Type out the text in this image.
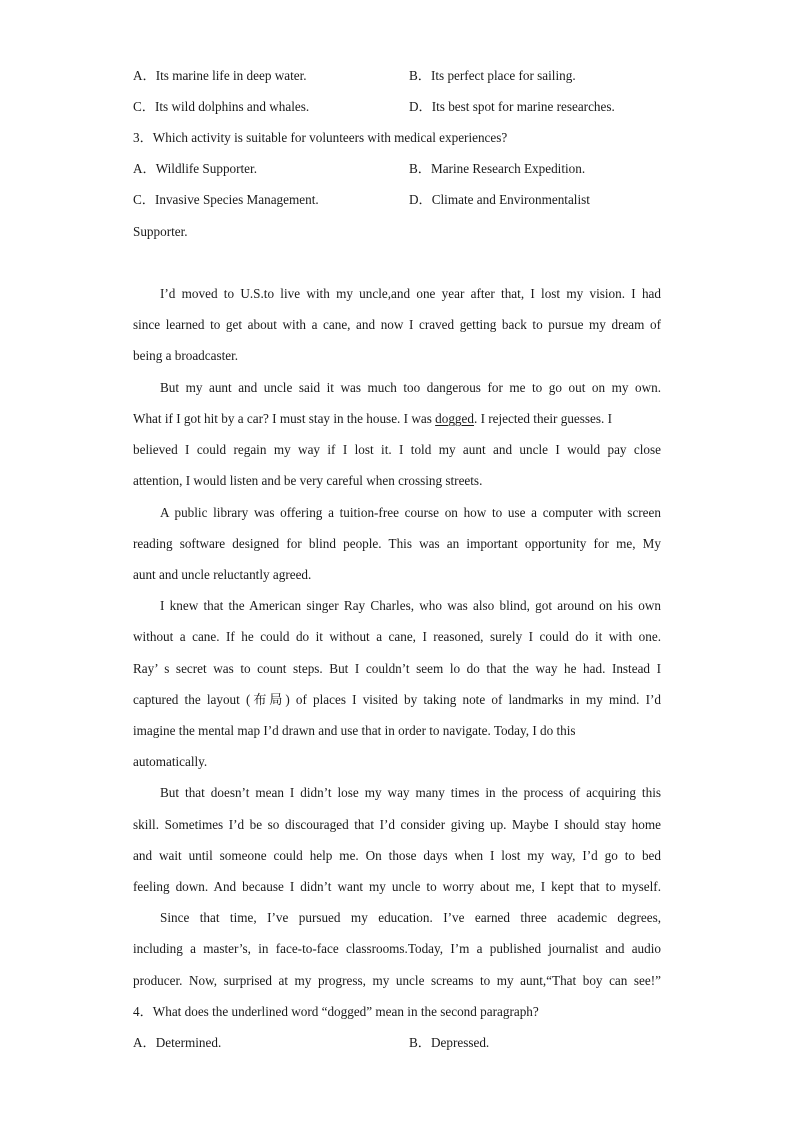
A．Its marine life in deep water.	B．Its perfect place for sailing.
C．Its wild dolphins and whales.	D．Its best spot for marine researches.
3．Which activity is suitable for volunteers with medical experiences?
A．Wildlife Supporter.	B．Marine Research Expedition.
C．Invasive Species Management.	D．Climate and Environmentalist
Supporter.
I’d moved to U.S.to live with my uncle,and one year after that, I lost my vision. I had
since learned to get about with a cane, and now I craved getting back to pursue my dream of
being a broadcaster.
But my aunt and uncle said it was much too dangerous for me to go out on my own.
What if I got hit by a car? I must stay in the house. I was dogged. I rejected their guesses. I
believed I could regain my way if I lost it. I told my aunt and uncle I would pay close
attention, I would listen and be very careful when crossing streets.
A public library was offering a tuition-free course on how to use a computer with screen
reading software designed for blind people. This was an important opportunity for me, My
aunt and uncle reluctantly agreed.
I knew that the American singer Ray Charles, who was also blind, got around on his own
without a cane. If he could do it without a cane, I reasoned, surely I could do it with one.
Ray’ s secret was to count steps. But I couldn’t seem lo do that the way he had. Instead I
captured the layout (布局) of places I visited by taking note of landmarks in my mind. I’d
imagine the mental map I’d drawn and use that in order to navigate. Today, I do this
automatically.
But that doesn’t mean I didn’t lose my way many times in the process of acquiring this
skill. Sometimes I’d be so discouraged that I’d consider giving up. Maybe I should stay home
and wait until someone could help me. On those days when I lost my way, I’d go to bed
feeling down. And because I didn’t want my uncle to worry about me, I kept that to myself.
Since that time, I’ve pursued my education. I’ve earned three academic degrees,
including a master’s, in face-to-face classrooms.Today, I’m a published journalist and audio
producer. Now, surprised at my progress, my uncle screams to my aunt,“That boy can see!”
4．What does the underlined word “dogged” mean in the second paragraph?
A．Determined.	B．Depressed.
